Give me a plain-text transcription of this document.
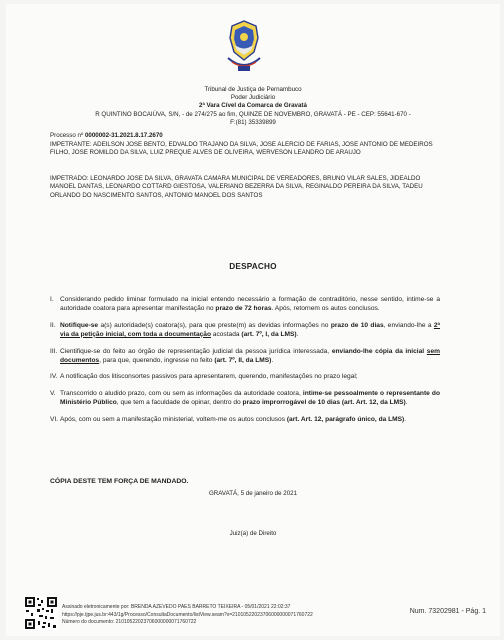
Tribunal de Justiça de Pernambuco
Poder Judiciário
2ª Vara Cível da Comarca de Gravatá
R QUINTINO BOCAIÚVA, S/N, - de 274/275 ao fim, QUINZE DE NOVEMBRO, GRAVATÁ - PE - CEP: 55641-670 -
F:(81) 35339899
Processo nº 0000002-31.2021.8.17.2670
IMPETRANTE: ADEILSON JOSE BENTO, EDVALDO TRAJANO DA SILVA, JOSE ALERCIO DE FARIAS, JOSE ANTONIO DE MEDEIROS FILHO, JOSE ROMILDO DA SILVA, LUIZ PREQUE ALVES DE OLIVEIRA, WERVESON LEANDRO DE ARAUJO
IMPETRADO: LEONARDO JOSE DA SILVA, GRAVATA CAMARA MUNICIPAL DE VEREADORES, BRUNO VILAR SALES, JIDEALDO MANOEL DANTAS, LEONARDO COTTARD GIESTOSA, VALERIANO BEZERRA DA SILVA, REGINALDO PEREIRA DA SILVA, TADEU ORLANDO DO NASCIMENTO SANTOS, ANTONIO MANOEL DOS SANTOS
DESPACHO
I. Considerando pedido liminar formulado na inicial entendo necessário a formação de contraditório, nesse sentido, intime-se a autoridade coatora para apresentar manifestação no prazo de 72 horas. Após, retornem os autos conclusos.
II. Notifique-se a(s) autoridade(s) coatora(s), para que preste(m) as devidas informações no prazo de 10 dias, enviando-lhe a 2ª via da petição inicial, com toda a documentação acostada (art. 7º, I, da LMS).
III. Cientifique-se do feito ao órgão de representação judicial da pessoa jurídica interessada, enviando-lhe cópia da inicial sem documentos, para que, querendo, ingresse no feito (art. 7º, II, da LMS).
IV. A notificação dos litisconsortes passivos para apresentarem, querendo, manifestações no prazo legal;
V. Transcorrido o aludido prazo, com ou sem as informações da autoridade coatora, intime-se pessoalmente o representante do Ministério Público, que tem a faculdade de opinar, dentro do prazo improrrogável de 10 dias (art. Art. 12, da LMS).
VI. Após, com ou sem a manifestação ministerial, voltem-me os autos conclusos (art. Art. 12, parágrafo único, da LMS).
CÓPIA DESTE TEM FORÇA DE MANDADO.
GRAVATÁ, 5 de janeiro de 2021
Juiz(a) de Direito
Assinado eletronicamente por: BRENDA AZEVEDO PAES BARRETO TEIXEIRA - 05/01/2021 22:02:37
https://pje.tjpe.jus.br:443/1g/Processo/ConsultaDocumento/listView.seam?x=21010522023706000000071760722
Número do documento: 21010522023706000000071760722
Num. 73202981 - Pág. 1
